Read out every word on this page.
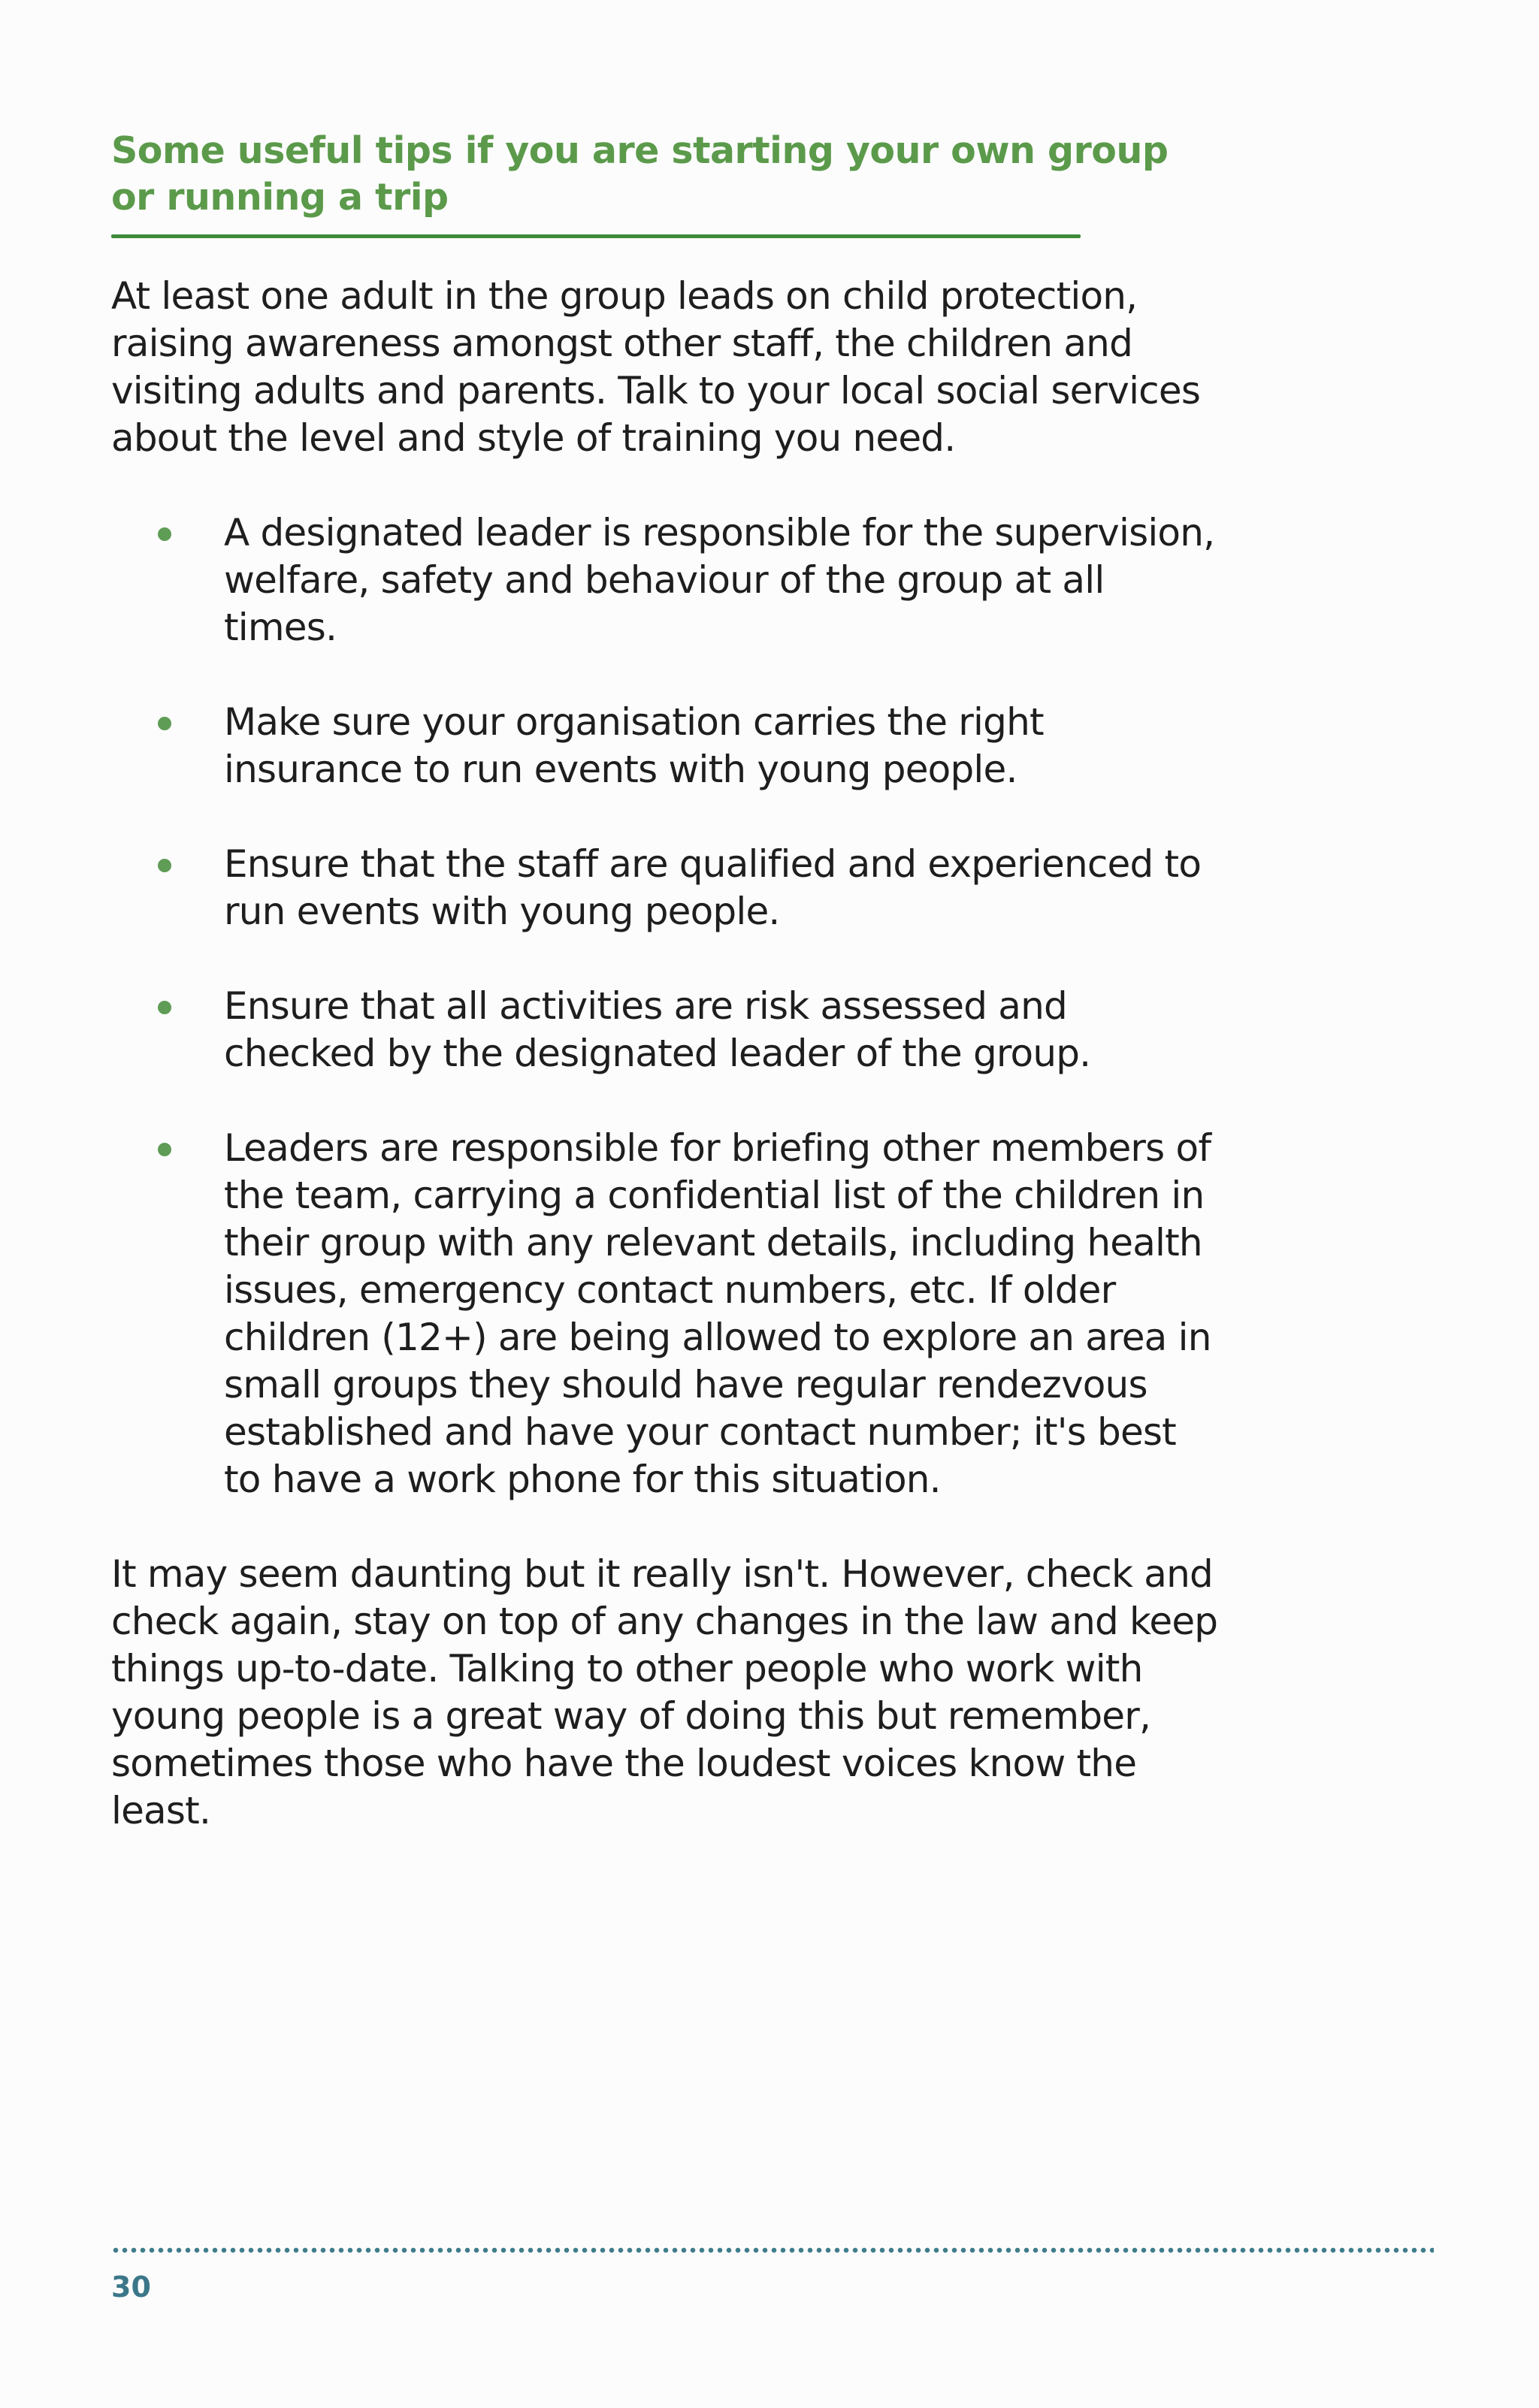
Some useful tips if you are starting your own group
or running a trip

At least one adult in the group leads on child protection, raising awareness amongst other staff, the children and visiting adults and parents. Talk to your local social services about the level and style of training you need.

A designated leader is responsible for the supervision, welfare, safety and behaviour of the group at all times.
Make sure your organisation carries the right insurance to run events with young people.
Ensure that the staff are qualified and experienced to run events with young people.
Ensure that all activities are risk assessed and checked by the designated leader of the group.
Leaders are responsible for briefing other members of the team, carrying a confidential list of the children in their group with any relevant details, including health issues, emergency contact numbers, etc. If older children (12+) are being allowed to explore an area in small groups they should have regular rendezvous established and have your contact number; it's best to have a work phone for this situation.

It may seem daunting but it really isn't. However, check and check again, stay on top of any changes in the law and keep things up-to-date. Talking to other people who work with young people is a great way of doing this but remember, sometimes those who have the loudest voices know the least.

30
